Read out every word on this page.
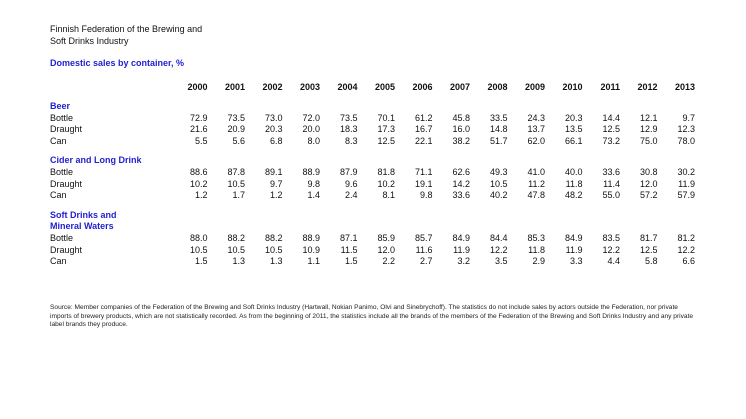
Finnish Federation of the Brewing and
Soft Drinks Industry
Domestic sales by container, %
	2000	2001	2002	2003	2004	2005	2006	2007	2008	2009	2010	2011	2012	2013

Beer														
Bottle	72.9	73.5	73.0	72.0	73.5	70.1	61.2	45.8	33.5	24.3	20.3	14.4	12.1	9.7
Draught	21.6	20.9	20.3	20.0	18.3	17.3	16.7	16.0	14.8	13.7	13.5	12.5	12.9	12.3
Can	5.5	5.6	6.8	8.0	8.3	12.5	22.1	38.2	51.7	62.0	66.1	73.2	75.0	78.0

Cider and Long Drink														
Bottle	88.6	87.8	89.1	88.9	87.9	81.8	71.1	62.6	49.3	41.0	40.0	33.6	30.8	30.2
Draught	10.2	10.5	9.7	9.8	9.6	10.2	19.1	14.2	10.5	11.2	11.8	11.4	12.0	11.9
Can	1.2	1.7	1.2	1.4	2.4	8.1	9.8	33.6	40.2	47.8	48.2	55.0	57.2	57.9

Soft Drinks and														
Mineral Waters														
Bottle	88.0	88.2	88.2	88.9	87.1	85.9	85.7	84.9	84.4	85.3	84.9	83.5	81.7	81.2
Draught	10.5	10.5	10.5	10.9	11.5	12.0	11.6	11.9	12.2	11.8	11.9	12.2	12.5	12.2
Can	1.5	1.3	1.3	1.1	1.5	2.2	2.7	3.2	3.5	2.9	3.3	4.4	5.8	6.6
Source: Member companies of the Federation of the Brewing and Soft Drinks Industry (Hartwall, Nokian Panimo, Olvi and Sinebrychoff). The statistics do not include sales by actors outside the Federation, nor private imports of brewery products, which are not statistically recorded. As from the beginning of 2011, the statistics include all the brands of the members of the Federation of the Brewing and Soft Drinks Industry and any private label brands they produce.
